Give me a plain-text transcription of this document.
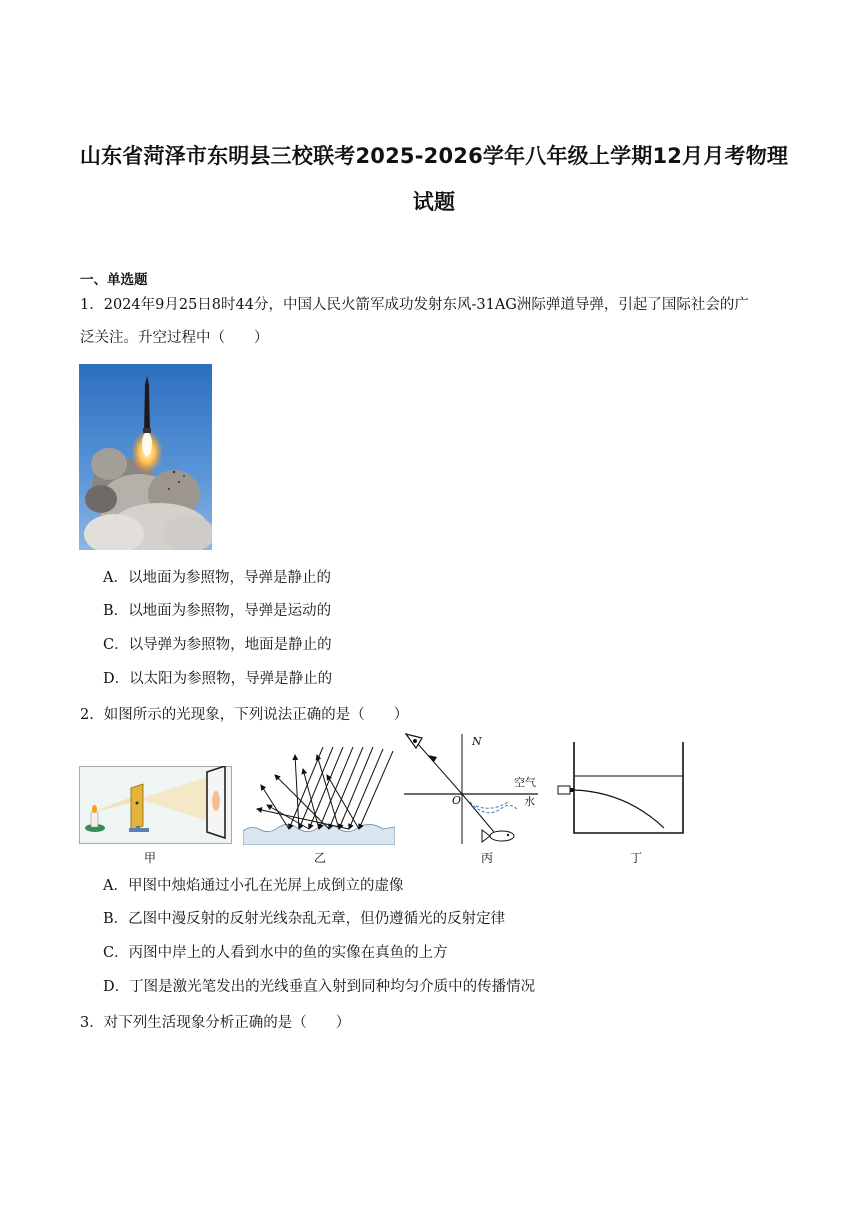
山东省菏泽市东明县三校联考2025-2026学年八年级上学期12月月考物理
试题
一、单选题
1．2024年9月25日8时44分，中国人民火箭军成功发射东风-31AG洲际弹道导弹，引起了国际社会的广
泛关注。升空过程中（　　）
A．以地面为参照物，导弹是静止的
B．以地面为参照物，导弹是运动的
C．以导弹为参照物，地面是静止的
D．以太阳为参照物，导弹是静止的
2．如图所示的光现象，下列说法正确的是（　　）
甲	乙
N
空气
水
O
丙	丁
A．甲图中烛焰通过小孔在光屏上成倒立的虚像
B．乙图中漫反射的反射光线杂乱无章，但仍遵循光的反射定律
C．丙图中岸上的人看到水中的鱼的实像在真鱼的上方
D．丁图是激光笔发出的光线垂直入射到同种均匀介质中的传播情况
3．对下列生活现象分析正确的是（　　）
